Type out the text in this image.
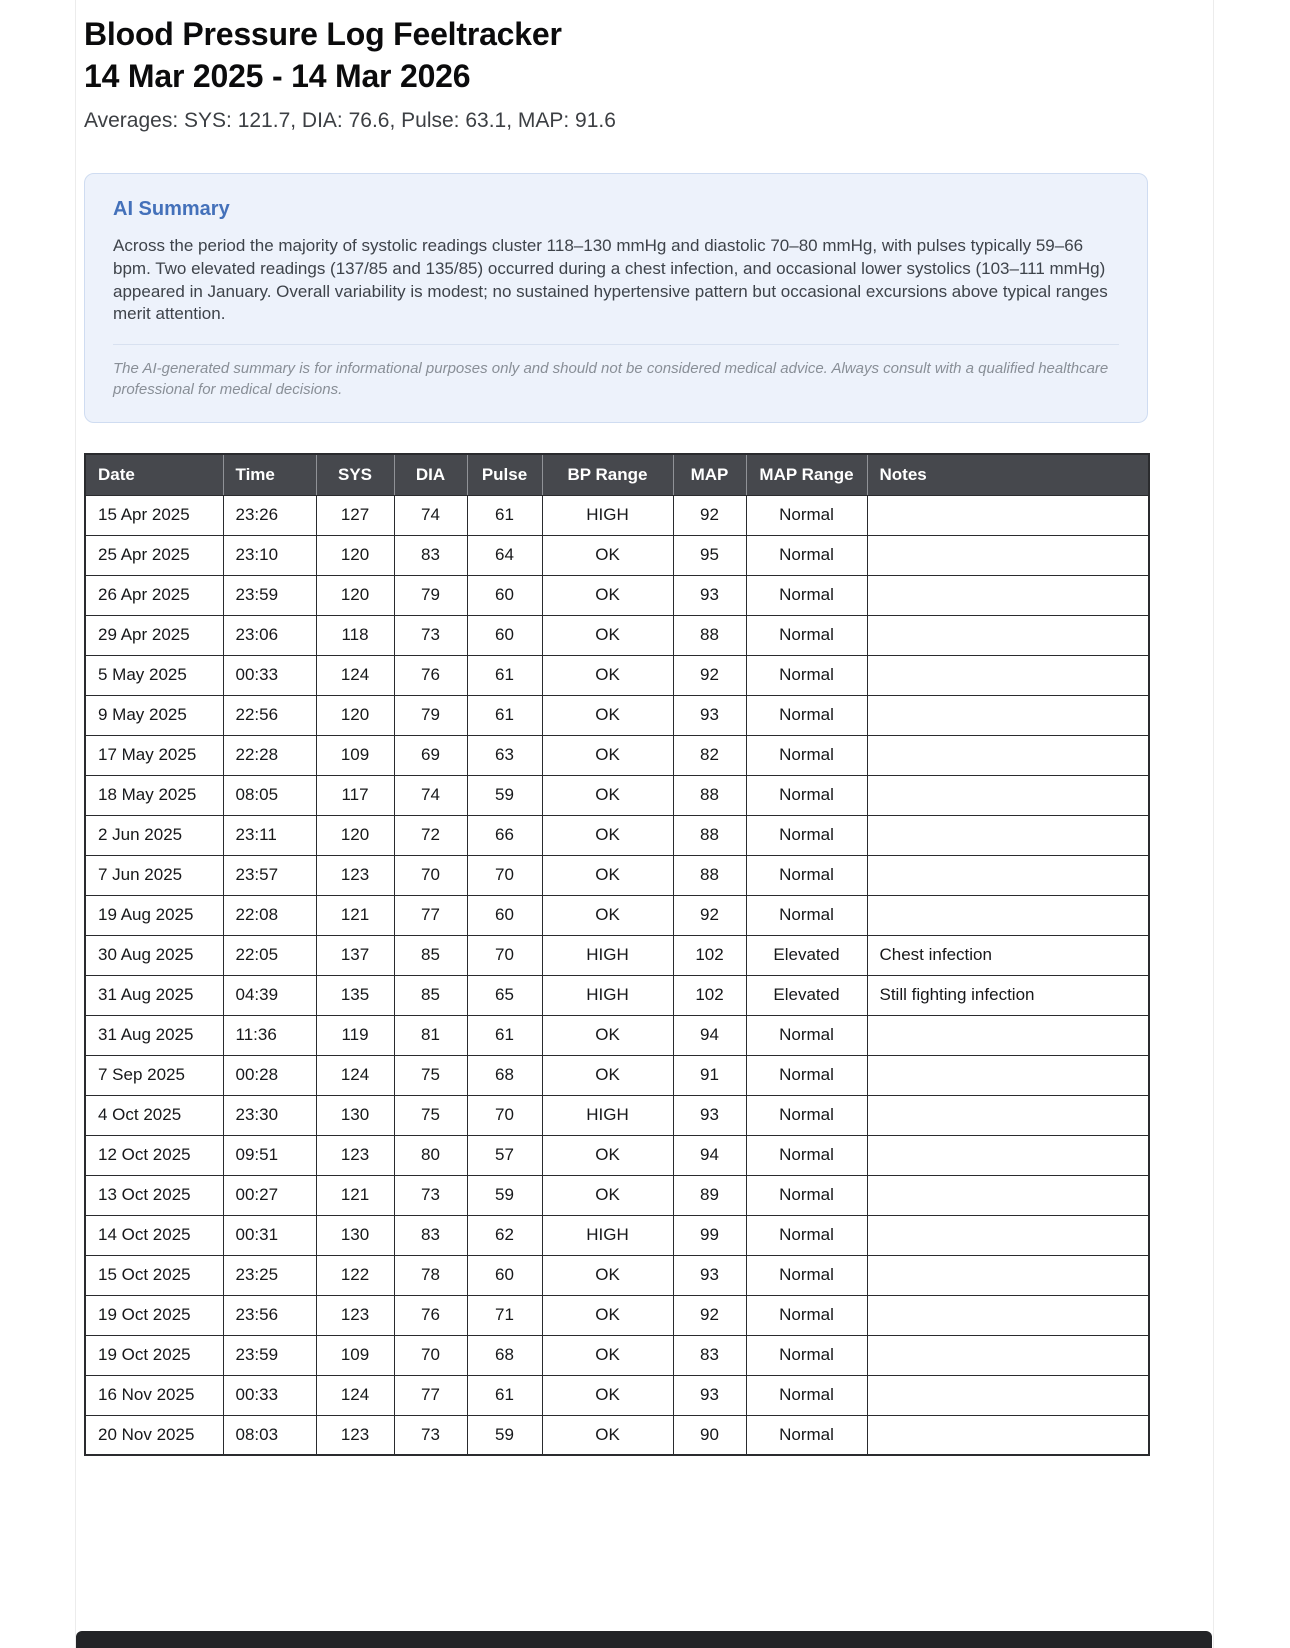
Blood Pressure Log Feeltracker
14 Mar 2025 - 14 Mar 2026
Averages: SYS: 121.7, DIA: 76.6, Pulse: 63.1, MAP: 91.6
AI Summary
Across the period the majority of systolic readings cluster 118–130 mmHg and diastolic 70–80 mmHg, with pulses typically 59–66 bpm. Two elevated readings (137/85 and 135/85) occurred during a chest infection, and occasional lower systolics (103–111 mmHg) appeared in January. Overall variability is modest; no sustained hypertensive pattern but occasional excursions above typical ranges merit attention.
The AI-generated summary is for informational purposes only and should not be considered medical advice. Always consult with a qualified healthcare professional for medical decisions.
Date	Time	SYS	DIA	Pulse	BP Range	MAP	MAP Range	Notes
15 Apr 2025	23:26	127	74	61	HIGH	92	Normal	
25 Apr 2025	23:10	120	83	64	OK	95	Normal	
26 Apr 2025	23:59	120	79	60	OK	93	Normal	
29 Apr 2025	23:06	118	73	60	OK	88	Normal	
5 May 2025	00:33	124	76	61	OK	92	Normal	
9 May 2025	22:56	120	79	61	OK	93	Normal	
17 May 2025	22:28	109	69	63	OK	82	Normal	
18 May 2025	08:05	117	74	59	OK	88	Normal	
2 Jun 2025	23:11	120	72	66	OK	88	Normal	
7 Jun 2025	23:57	123	70	70	OK	88	Normal	
19 Aug 2025	22:08	121	77	60	OK	92	Normal	
30 Aug 2025	22:05	137	85	70	HIGH	102	Elevated	Chest infection
31 Aug 2025	04:39	135	85	65	HIGH	102	Elevated	Still fighting infection
31 Aug 2025	11:36	119	81	61	OK	94	Normal	
7 Sep 2025	00:28	124	75	68	OK	91	Normal	
4 Oct 2025	23:30	130	75	70	HIGH	93	Normal	
12 Oct 2025	09:51	123	80	57	OK	94	Normal	
13 Oct 2025	00:27	121	73	59	OK	89	Normal	
14 Oct 2025	00:31	130	83	62	HIGH	99	Normal	
15 Oct 2025	23:25	122	78	60	OK	93	Normal	
19 Oct 2025	23:56	123	76	71	OK	92	Normal	
19 Oct 2025	23:59	109	70	68	OK	83	Normal	
16 Nov 2025	00:33	124	77	61	OK	93	Normal	
20 Nov 2025	08:03	123	73	59	OK	90	Normal	
